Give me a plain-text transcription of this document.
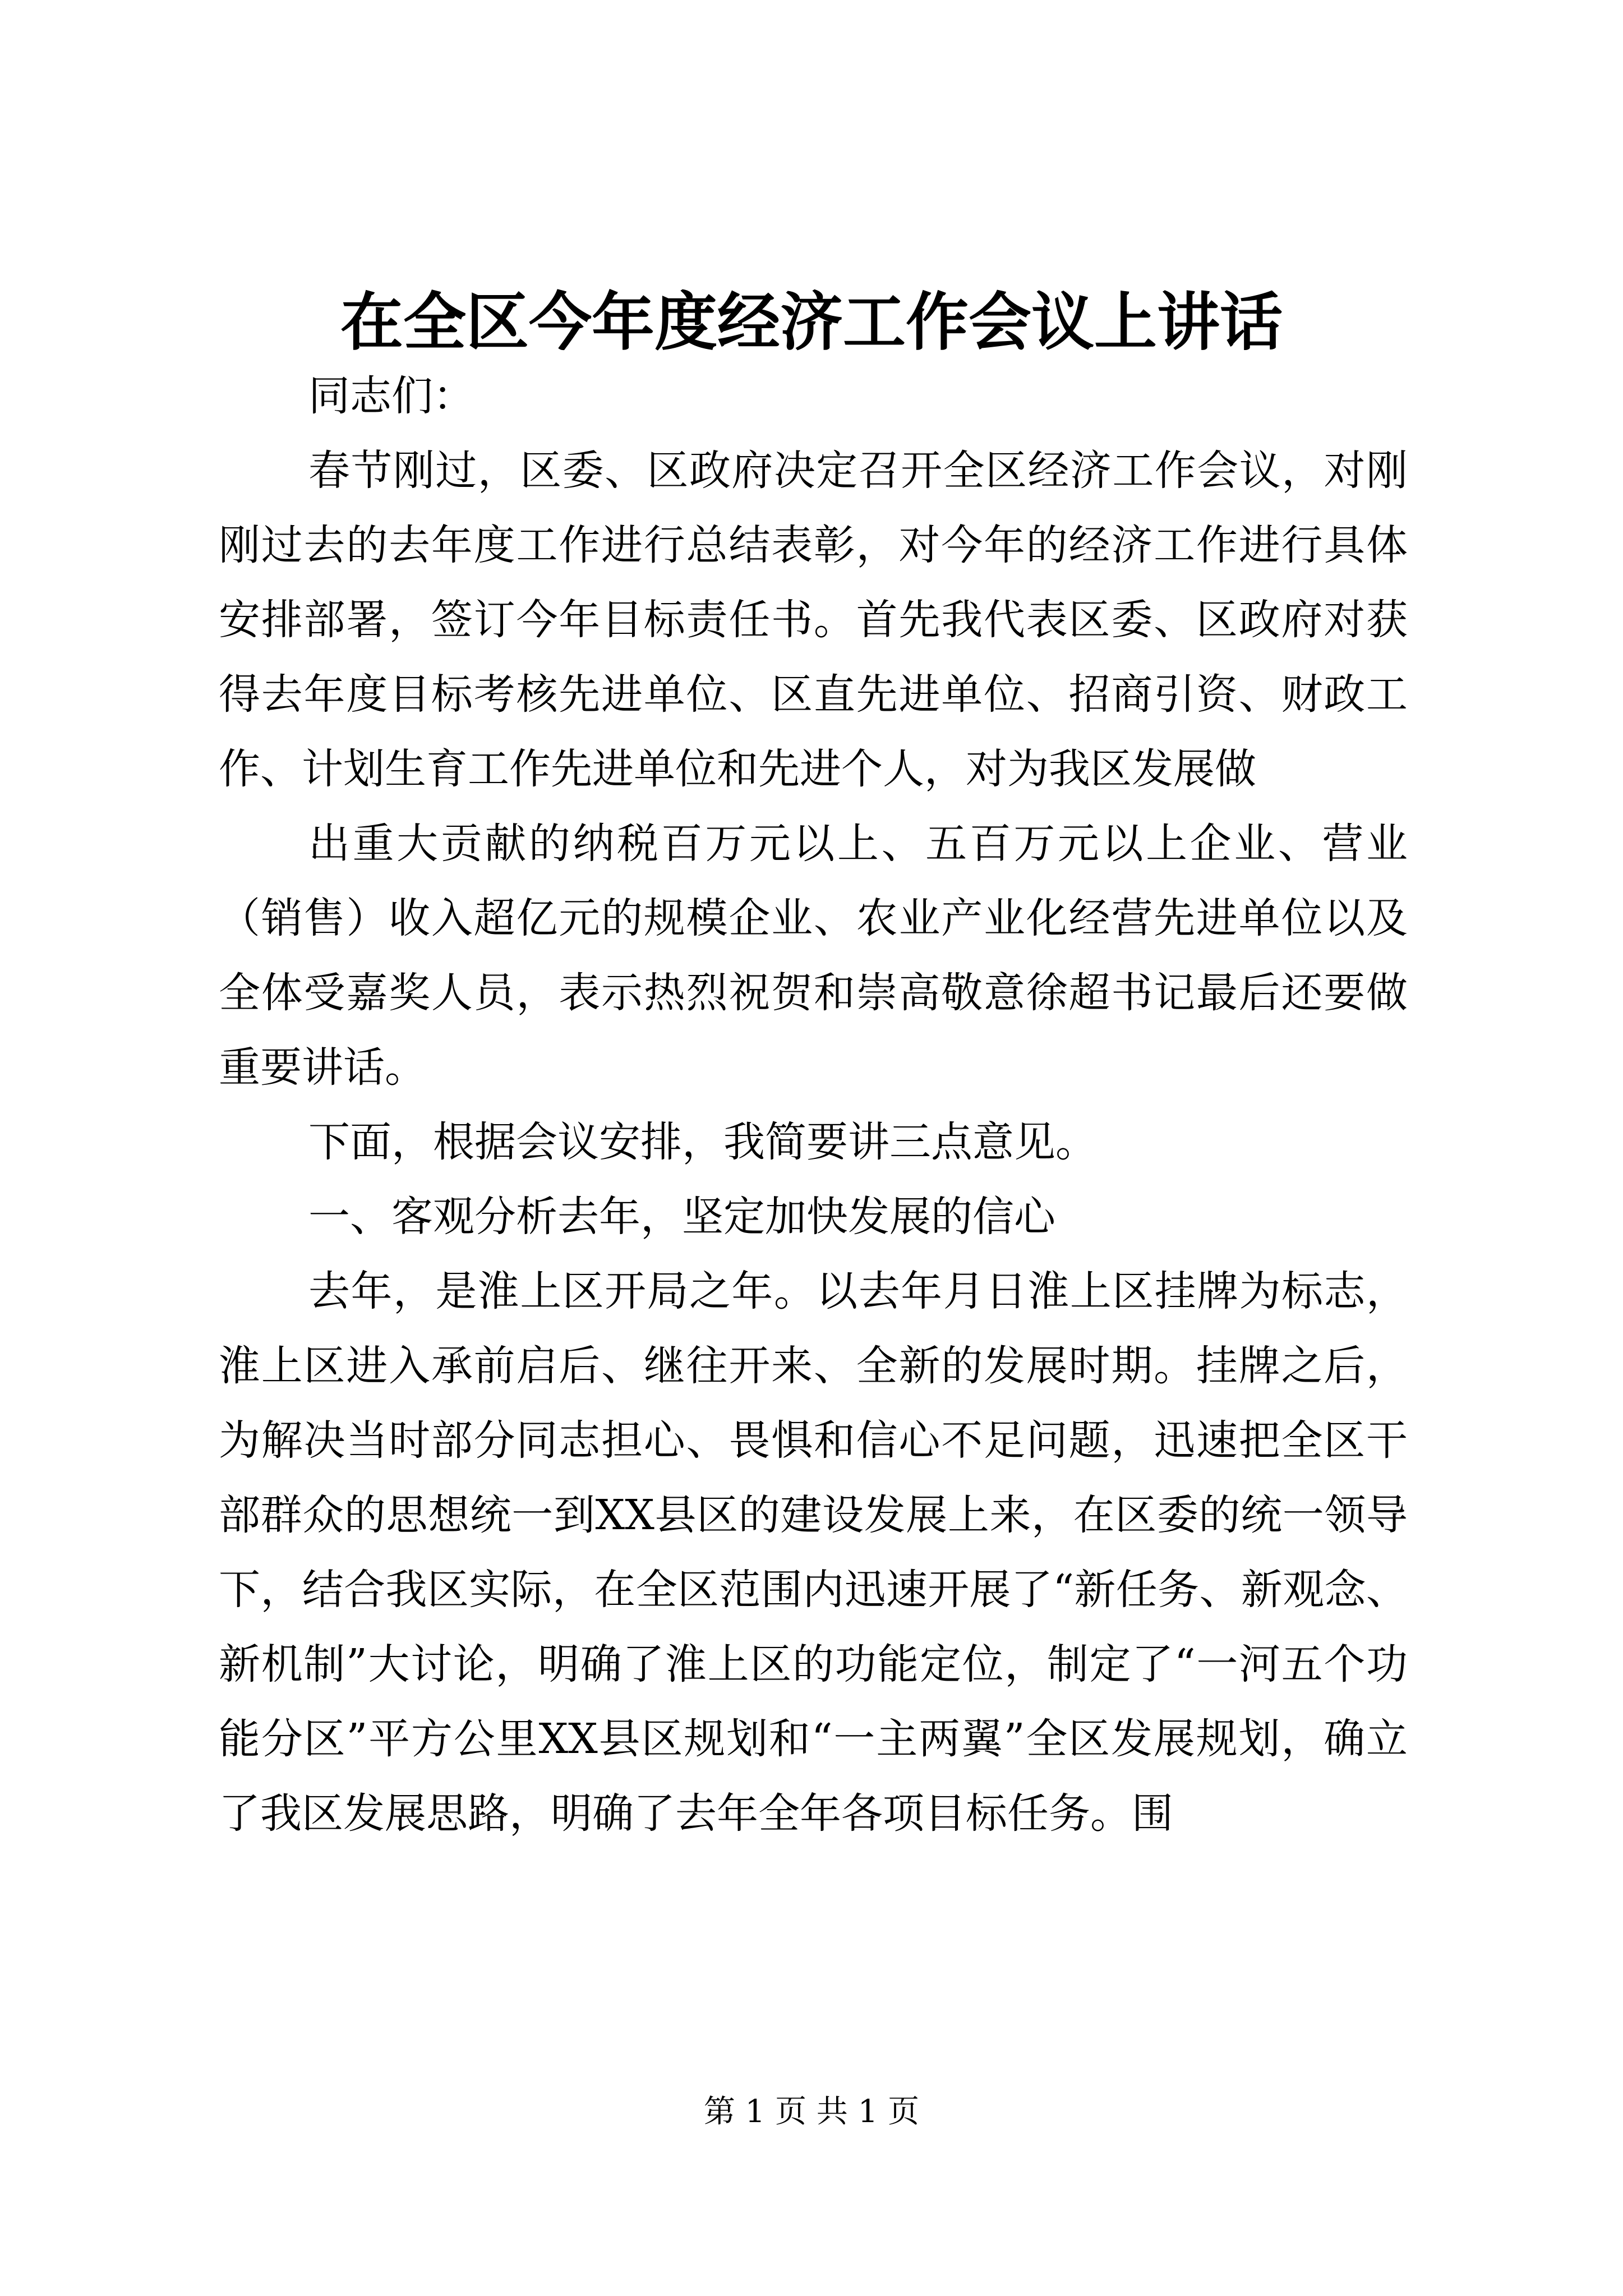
在全区今年度经济工作会议上讲话

同志们：

春节刚过，区委、区政府决定召开全区经济工作会议，对刚刚过去的去年度工作进行总结表彰，对今年的经济工作进行具体安排部署，签订今年目标责任书。首先我代表区委、区政府对获得去年度目标考核先进单位、区直先进单位、招商引资、财政工作、计划生育工作先进单位和先进个人，对为我区发展做

出重大贡献的纳税百万元以上、五百万元以上企业、营业（销售）收入超亿元的规模企业、农业产业化经营先进单位以及全体受嘉奖人员，表示热烈祝贺和崇高敬意徐超书记最后还要做重要讲话。

下面，根据会议安排，我简要讲三点意见。

一、客观分析去年，坚定加快发展的信心

去年，是淮上区开局之年。以去年月日淮上区挂牌为标志，淮上区进入承前启后、继往开来、全新的发展时期。挂牌之后，为解决当时部分同志担心、畏惧和信心不足问题，迅速把全区干部群众的思想统一到XX县区的建设发展上来，在区委的统一领导下，结合我区实际，在全区范围内迅速开展了“新任务、新观念、新机制”大讨论，明确了淮上区的功能定位，制定了“一河五个功能分区”平方公里XX县区规划和“一主两翼”全区发展规划，确立了我区发展思路，明确了去年全年各项目标任务。围

第 1 页 共 1 页
